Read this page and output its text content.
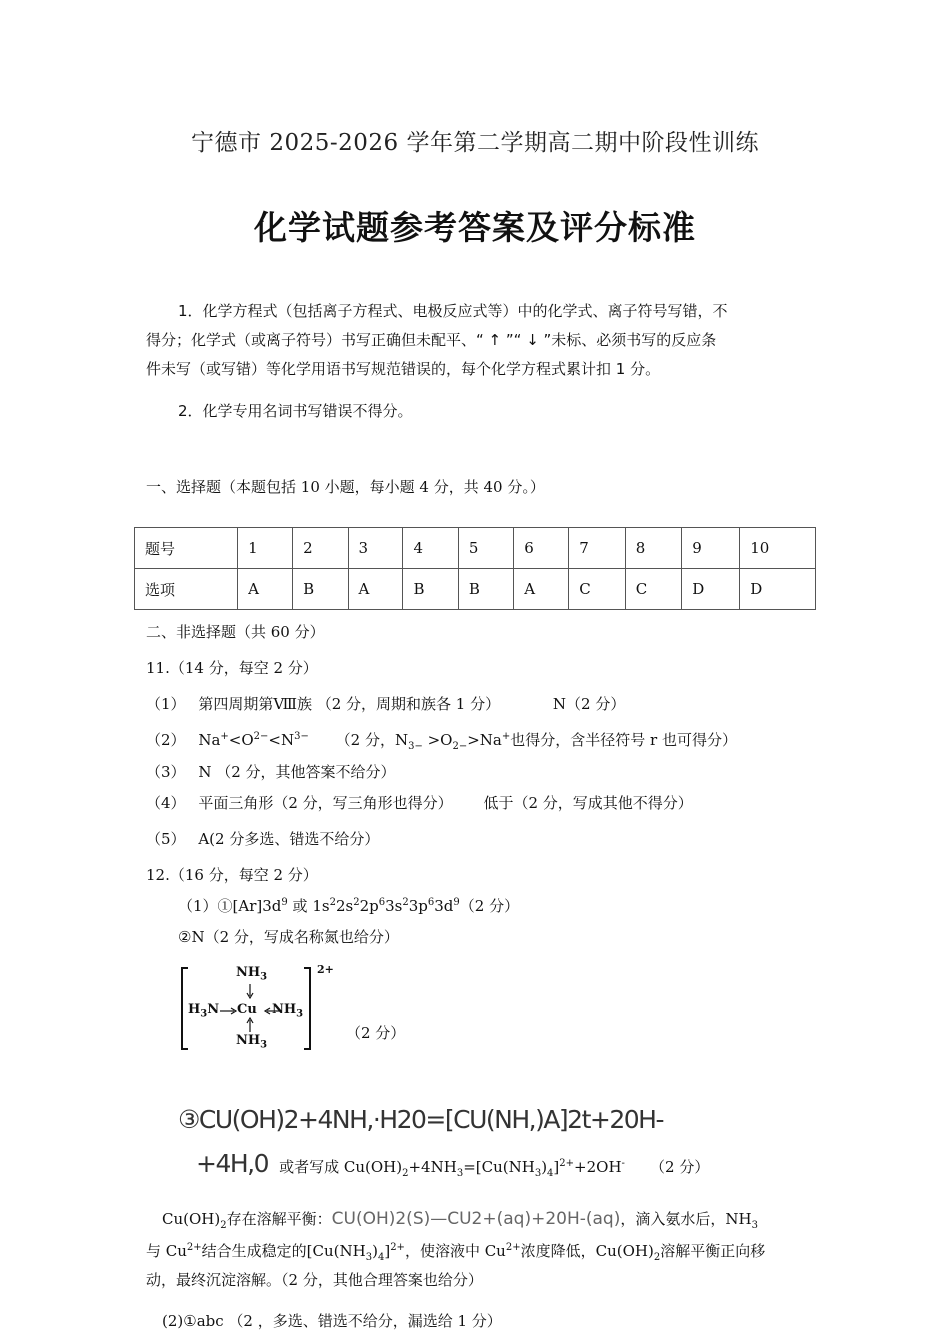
宁德市 2025-2026 学年第二学期高二期中阶段性训练
化学试题参考答案及评分标准
1．化学方程式（包括离子方程式、电极反应式等）中的化学式、离子符号写错，不
得分；化学式（或离子符号）书写正确但未配平、“ ↑ ”“ ↓ ”未标、必须书写的反应条
件未写（或写错）等化学用语书写规范错误的，每个化学方程式累计扣 1 分。
2．化学专用名词书写错误不得分。
一、选择题（本题包括 10 小题，每小题 4 分，共 40 分。）
题号	1	2	3	4	5	6	7	8	9	10
选项	A	B	A	B	B	A	C	C	D	D
二、非选择题（共 60 分）
11.（14 分，每空 2 分）
（1） 第四周期第Ⅷ族 （2 分，周期和族各 1 分）	N（2 分）
（2） $Na^+<O^{2-}<N^{3-}$ （2 分，$N_{3-} >O_{2-}>Na^+$也得分，含半径符号 r 也可得分）
（3） N （2 分，其他答案不给分）
（4） 平面三角形（2 分，写三角形也得分） 低于（2 分，写成其他不得分）
（5） A(2 分多选、错选不给分）
12.（16 分，每空 2 分）
$(1)①[Ar]3d^9$ 或 $1s^22s^22p^63s^23p^63d^9(2$ 分）
②N（2 分，写成名称氮也给分）
$NH_3$
$H_3N$ Cu $NH_3$
$NH_3$
2+
（2 分）
③CU(OH)2+4NH,·H20=[CU(NH,)A]2t+20H-
+4H,0 或者写成 $Cu(OH)_2+4NH_3=[Cu(NH_3)_4]^{2+}+2OH^-$ （2 分）
$Cu(OH)_2$存在溶解平衡：CU(OH)2(S)—CU2+(aq)+20H-(aq)，滴入氨水后，$NH_3$
与 $Cu^{2+}$结合生成稳定的$[Cu(NH_3)_4]^{2+}$，使溶液中 $Cu^{2+}$浓度降低，$Cu(OH)_2$溶解平衡正向移
动，最终沉淀溶解。（2 分，其他合理答案也给分）
(2)①abc （2 ，多选、错选不给分，漏选给 1 分）
